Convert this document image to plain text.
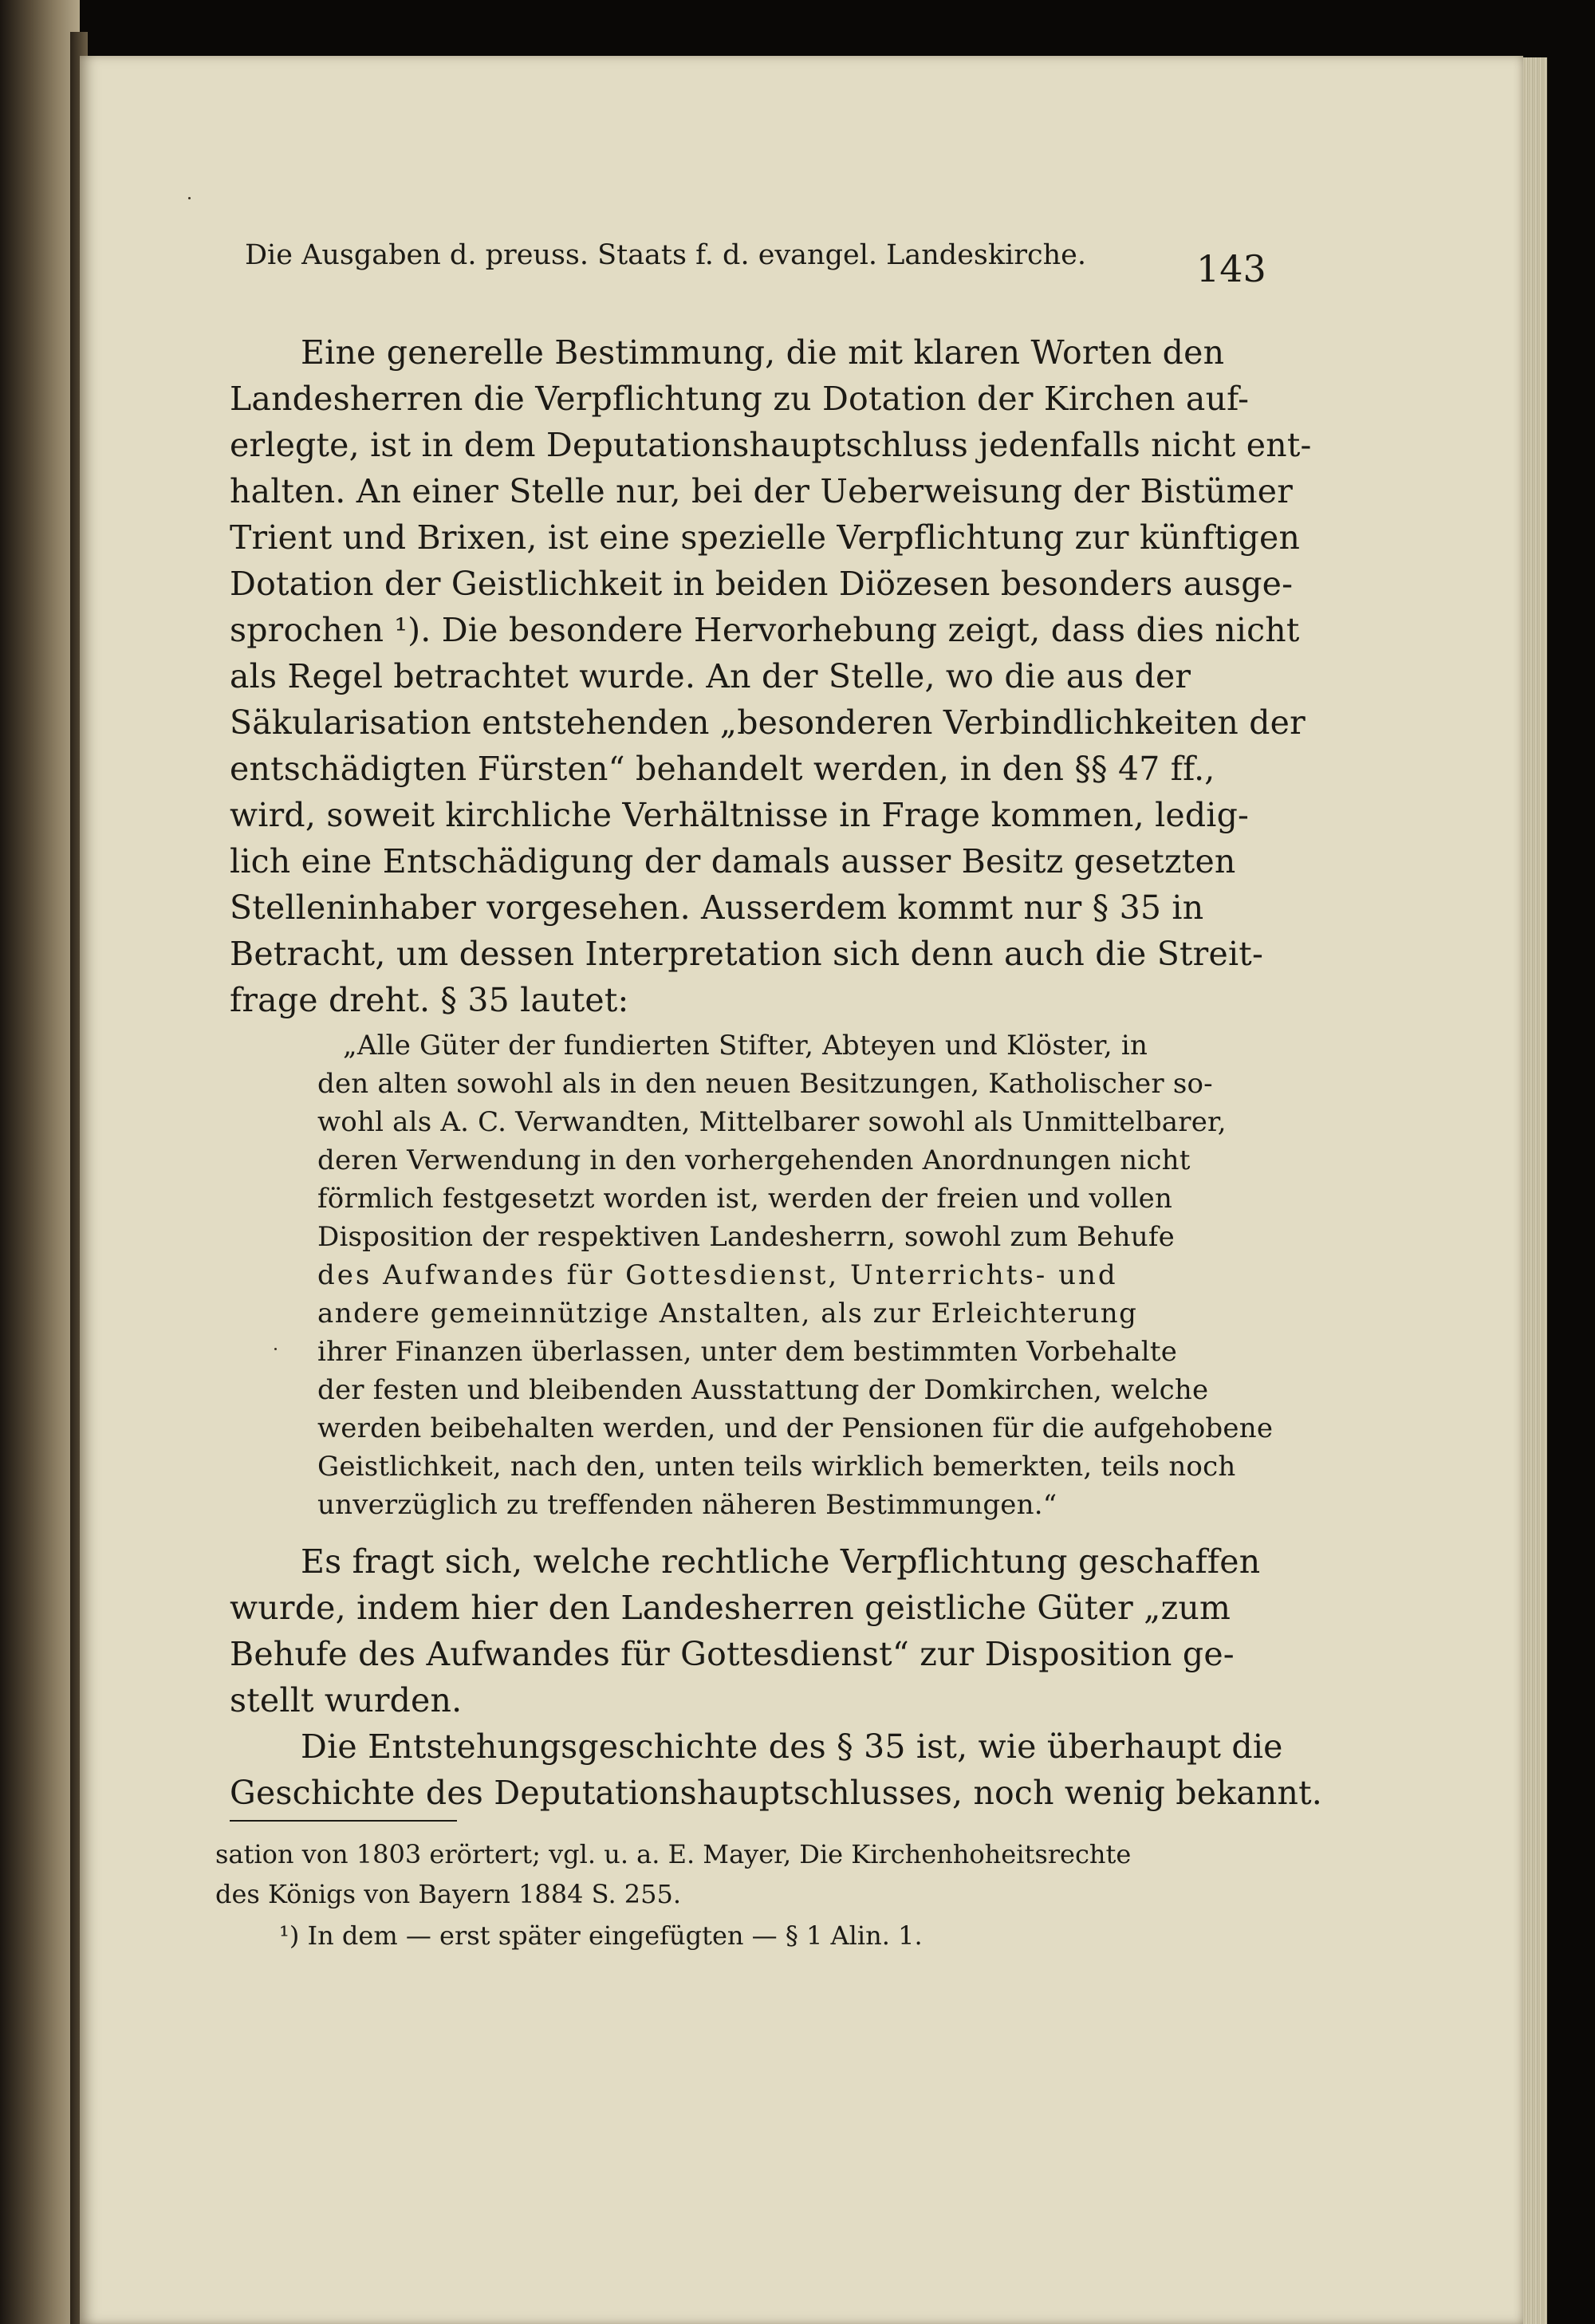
Die Ausgaben d. preuss. Staats f. d. evangel. Landeskirche.	143

Eine generelle Bestimmung, die mit klaren Worten den

Landesherren die Verpflichtung zu Dotation der Kirchen auf-

erlegte, ist in dem Deputationshauptschluss jedenfalls nicht ent-

halten. An einer Stelle nur, bei der Ueberweisung der Bistümer

Trient und Brixen, ist eine spezielle Verpflichtung zur künftigen

Dotation der Geistlichkeit in beiden Diözesen besonders ausge-

sprochen ¹). Die besondere Hervorhebung zeigt, dass dies nicht

als Regel betrachtet wurde. An der Stelle, wo die aus der

Säkularisation entstehenden „besonderen Verbindlichkeiten der

entschädigten Fürsten“ behandelt werden, in den §§ 47 ff.,

wird, soweit kirchliche Verhältnisse in Frage kommen, ledig-

lich eine Entschädigung der damals ausser Besitz gesetzten

Stelleninhaber vorgesehen. Ausserdem kommt nur § 35 in

Betracht, um dessen Interpretation sich denn auch die Streit-

frage dreht. § 35 lautet:

„Alle Güter der fundierten Stifter, Abteyen und Klöster, in

den alten sowohl als in den neuen Besitzungen, Katholischer so-

wohl als A. C. Verwandten, Mittelbarer sowohl als Unmittelbarer,

deren Verwendung in den vorhergehenden Anordnungen nicht

förmlich festgesetzt worden ist, werden der freien und vollen

Disposition der respektiven Landesherrn, sowohl zum Behufe

des Aufwandes für Gottesdienst, Unterrichts- und

andere gemeinnützige Anstalten, als zur Erleichterung

ihrer Finanzen überlassen, unter dem bestimmten Vorbehalte

der festen und bleibenden Ausstattung der Domkirchen, welche

werden beibehalten werden, und der Pensionen für die aufgehobene

Geistlichkeit, nach den, unten teils wirklich bemerkten, teils noch

unverzüglich zu treffenden näheren Bestimmungen.“

Es fragt sich, welche rechtliche Verpflichtung geschaffen

wurde, indem hier den Landesherren geistliche Güter „zum

Behufe des Aufwandes für Gottesdienst“ zur Disposition ge-

stellt wurden.

Die Entstehungsgeschichte des § 35 ist, wie überhaupt die

Geschichte des Deputationshauptschlusses, noch wenig bekannt.

sation von 1803 erörtert; vgl. u. a. E. Mayer, Die Kirchenhoheitsrechte

des Königs von Bayern 1884 S. 255.

¹) In dem — erst später eingefügten — § 1 Alin. 1.
